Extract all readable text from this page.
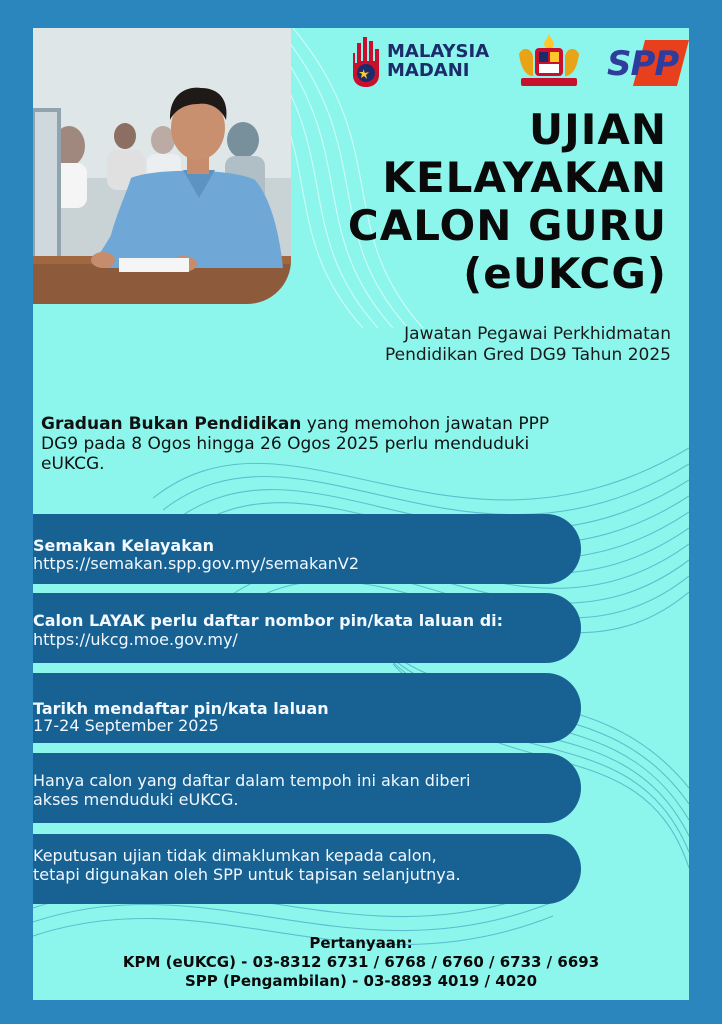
MALAYSIA
MADANI	SPP
UJIAN
KELAYAKAN
CALON GURU
(eUKCG)
Jawatan Pegawai Perkhidmatan
Pendidikan Gred DG9 Tahun 2025
Graduan Bukan Pendidikan yang memohon jawatan PPP
DG9 pada 8 Ogos hingga 26 Ogos 2025 perlu menduduki
eUKCG.
Semakan Kelayakan
https://semakan.spp.gov.my/semakanV2
Calon LAYAK perlu daftar nombor pin/kata laluan di:
https://ukcg.moe.gov.my/
Tarikh mendaftar pin/kata laluan
17-24 September 2025
Hanya calon yang daftar dalam tempoh ini akan diberi
akses menduduki eUKCG.
Keputusan ujian tidak dimaklumkan kepada calon,
tetapi digunakan oleh SPP untuk tapisan selanjutnya.
Pertanyaan:
KPM (eUKCG) - 03-8312 6731 / 6768 / 6760 / 6733 / 6693
SPP (Pengambilan) - 03-8893 4019 / 4020
